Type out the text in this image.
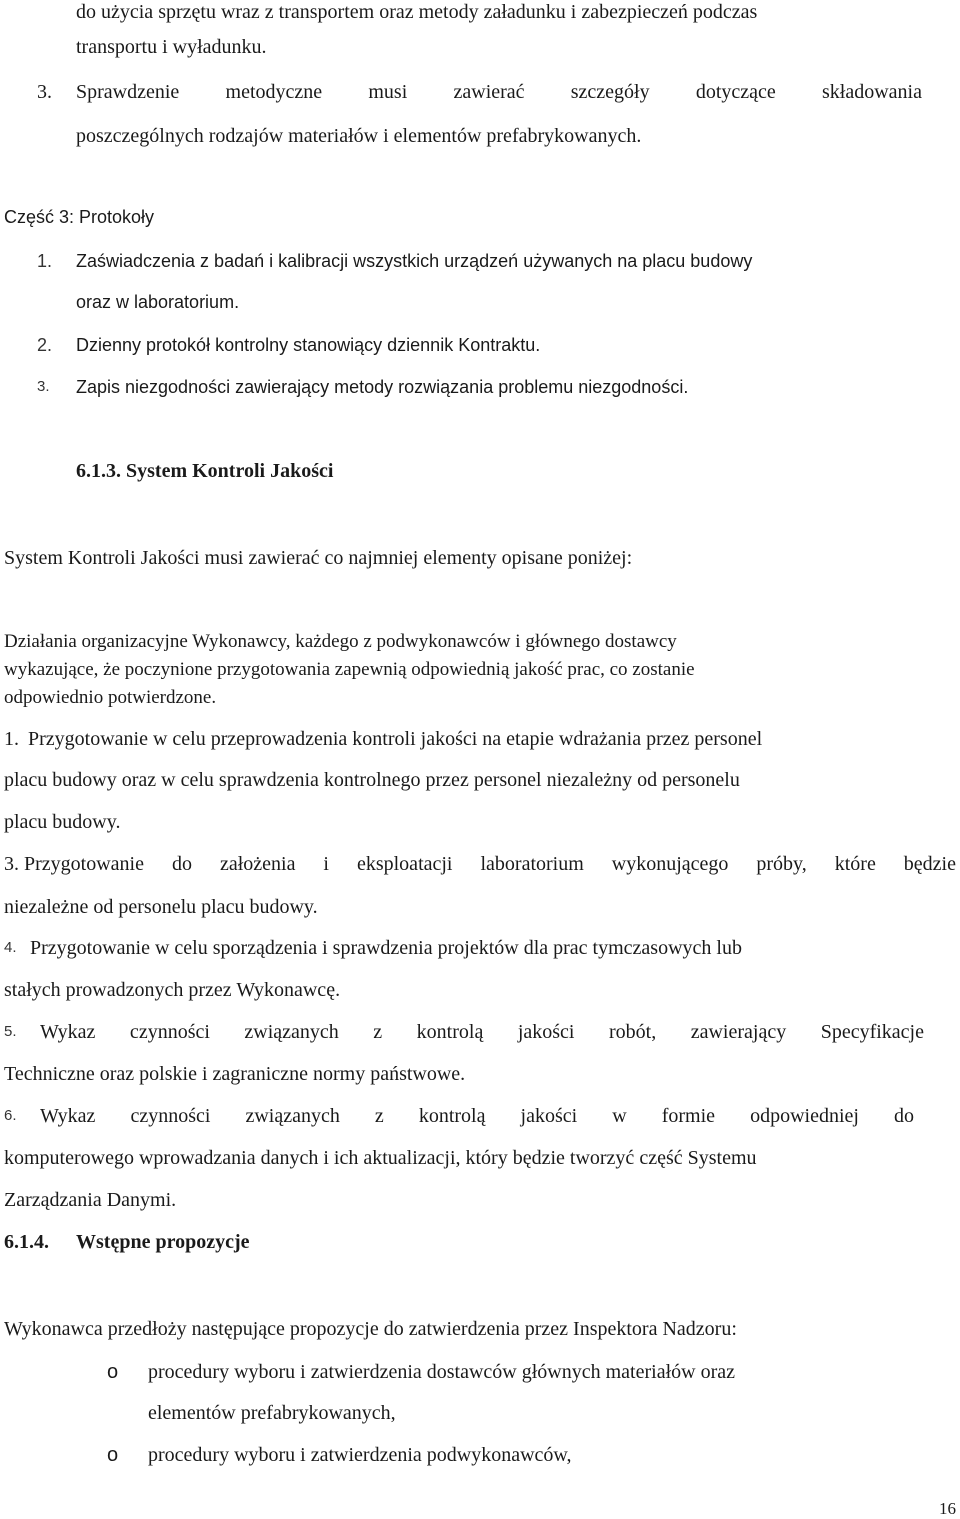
do użycia sprzętu wraz z transportem oraz metody załadunku i zabezpieczeń podczas
transportu i wyładunku.
3. Sprawdzenie metodyczne musi zawierać szczegóły dotyczące składowania
poszczególnych rodzajów materiałów i elementów prefabrykowanych.
Część 3: Protokoły
1. Zaświadczenia z badań i kalibracji wszystkich urządzeń używanych na placu budowy
oraz w laboratorium.
2. Dzienny protokół kontrolny stanowiący dziennik Kontraktu.
3. Zapis niezgodności zawierający metody rozwiązania problemu niezgodności.
6.1.3. System Kontroli Jakości
System Kontroli Jakości musi zawierać co najmniej elementy opisane poniżej:
Działania organizacyjne Wykonawcy, każdego z podwykonawców i głównego dostawcy
wykazujące, że poczynione przygotowania zapewnią odpowiednią jakość prac, co zostanie
odpowiednio potwierdzone.
1. Przygotowanie w celu przeprowadzenia kontroli jakości na etapie wdrażania przez personel
placu budowy oraz w celu sprawdzenia kontrolnego przez personel niezależny od personelu
placu budowy.
3. Przygotowanie do założenia i eksploatacji laboratorium wykonującego próby, które będzie
niezależne od personelu placu budowy.
4. Przygotowanie w celu sporządzenia i sprawdzenia projektów dla prac tymczasowych lub
stałych prowadzonych przez Wykonawcę.
5. Wykaz czynności związanych z kontrolą jakości robót, zawierający Specyfikacje
Techniczne oraz polskie i zagraniczne normy państwowe.
6. Wykaz czynności związanych z kontrolą jakości w formie odpowiedniej do
komputerowego wprowadzania danych i ich aktualizacji, który będzie tworzyć część Systemu
Zarządzania Danymi.
6.1.4. Wstępne propozycje
Wykonawca przedłoży następujące propozycje do zatwierdzenia przez Inspektora Nadzoru:
o procedury wyboru i zatwierdzenia dostawców głównych materiałów oraz
elementów prefabrykowanych,
o procedury wyboru i zatwierdzenia podwykonawców,
16
